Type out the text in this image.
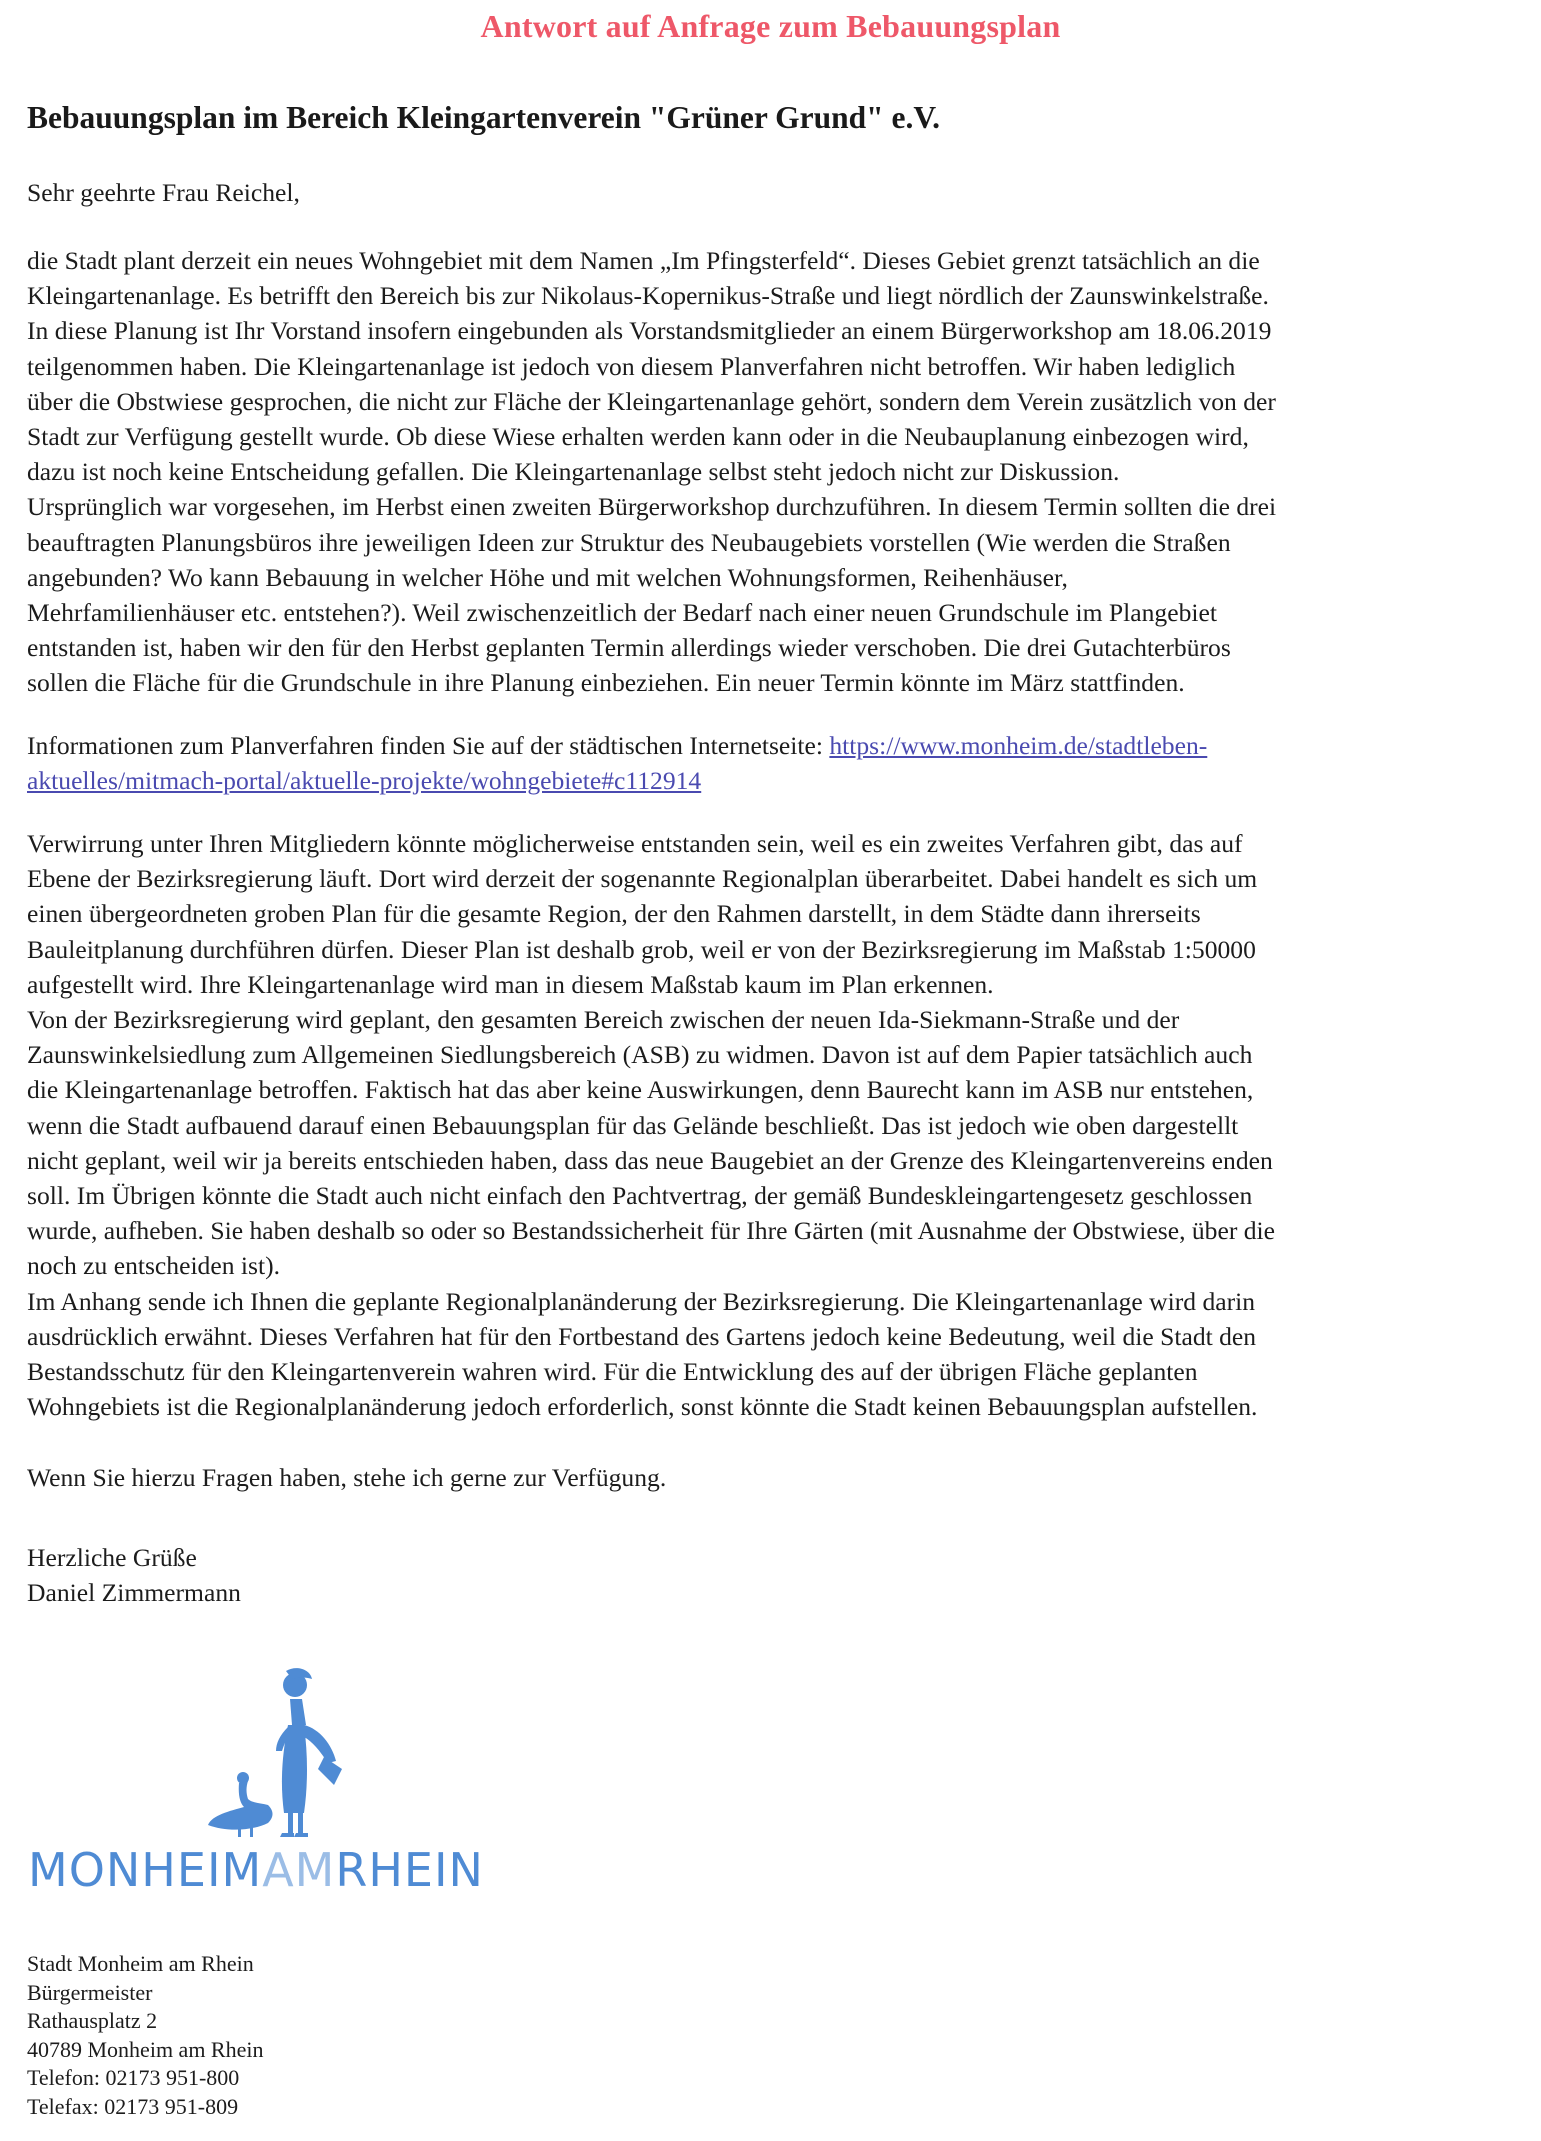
Antwort auf Anfrage zum Bebauungsplan
Bebauungsplan im Bereich Kleingartenverein "Grüner Grund" e.V.
Sehr geehrte Frau Reichel,
die Stadt plant derzeit ein neues Wohngebiet mit dem Namen „Im Pfingsterfeld“. Dieses Gebiet grenzt tatsächlich an die
Kleingartenanlage. Es betrifft den Bereich bis zur Nikolaus-Kopernikus-Straße und liegt nördlich der Zaunswinkelstraße.
In diese Planung ist Ihr Vorstand insofern eingebunden als Vorstandsmitglieder an einem Bürgerworkshop am 18.06.2019
teilgenommen haben. Die Kleingartenanlage ist jedoch von diesem Planverfahren nicht betroffen. Wir haben lediglich
über die Obstwiese gesprochen, die nicht zur Fläche der Kleingartenanlage gehört, sondern dem Verein zusätzlich von der
Stadt zur Verfügung gestellt wurde. Ob diese Wiese erhalten werden kann oder in die Neubauplanung einbezogen wird,
dazu ist noch keine Entscheidung gefallen. Die Kleingartenanlage selbst steht jedoch nicht zur Diskussion.
Ursprünglich war vorgesehen, im Herbst einen zweiten Bürgerworkshop durchzuführen. In diesem Termin sollten die drei
beauftragten Planungsbüros ihre jeweiligen Ideen zur Struktur des Neubaugebiets vorstellen (Wie werden die Straßen
angebunden? Wo kann Bebauung in welcher Höhe und mit welchen Wohnungsformen, Reihenhäuser,
Mehrfamilienhäuser etc. entstehen?). Weil zwischenzeitlich der Bedarf nach einer neuen Grundschule im Plangebiet
entstanden ist, haben wir den für den Herbst geplanten Termin allerdings wieder verschoben. Die drei Gutachterbüros
sollen die Fläche für die Grundschule in ihre Planung einbeziehen. Ein neuer Termin könnte im März stattfinden.
Informationen zum Planverfahren finden Sie auf der städtischen Internetseite: https://www.monheim.de/stadtleben-
aktuelles/mitmach-portal/aktuelle-projekte/wohngebiete#c112914
Verwirrung unter Ihren Mitgliedern könnte möglicherweise entstanden sein, weil es ein zweites Verfahren gibt, das auf
Ebene der Bezirksregierung läuft. Dort wird derzeit der sogenannte Regionalplan überarbeitet. Dabei handelt es sich um
einen übergeordneten groben Plan für die gesamte Region, der den Rahmen darstellt, in dem Städte dann ihrerseits
Bauleitplanung durchführen dürfen. Dieser Plan ist deshalb grob, weil er von der Bezirksregierung im Maßstab 1:50000
aufgestellt wird. Ihre Kleingartenanlage wird man in diesem Maßstab kaum im Plan erkennen.
Von der Bezirksregierung wird geplant, den gesamten Bereich zwischen der neuen Ida-Siekmann-Straße und der
Zaunswinkelsiedlung zum Allgemeinen Siedlungsbereich (ASB) zu widmen. Davon ist auf dem Papier tatsächlich auch
die Kleingartenanlage betroffen. Faktisch hat das aber keine Auswirkungen, denn Baurecht kann im ASB nur entstehen,
wenn die Stadt aufbauend darauf einen Bebauungsplan für das Gelände beschließt. Das ist jedoch wie oben dargestellt
nicht geplant, weil wir ja bereits entschieden haben, dass das neue Baugebiet an der Grenze des Kleingartenvereins enden
soll. Im Übrigen könnte die Stadt auch nicht einfach den Pachtvertrag, der gemäß Bundeskleingartengesetz geschlossen
wurde, aufheben. Sie haben deshalb so oder so Bestandssicherheit für Ihre Gärten (mit Ausnahme der Obstwiese, über die
noch zu entscheiden ist).
Im Anhang sende ich Ihnen die geplante Regionalplanänderung der Bezirksregierung. Die Kleingartenanlage wird darin
ausdrücklich erwähnt. Dieses Verfahren hat für den Fortbestand des Gartens jedoch keine Bedeutung, weil die Stadt den
Bestandsschutz für den Kleingartenverein wahren wird. Für die Entwicklung des auf der übrigen Fläche geplanten
Wohngebiets ist die Regionalplanänderung jedoch erforderlich, sonst könnte die Stadt keinen Bebauungsplan aufstellen.
Wenn Sie hierzu Fragen haben, stehe ich gerne zur Verfügung.
Herzliche Grüße
Daniel Zimmermann
MONHEIMAMRHEIN
Stadt Monheim am Rhein
Bürgermeister
Rathausplatz 2
40789 Monheim am Rhein
Telefon: 02173 951-800
Telefax: 02173 951-809
